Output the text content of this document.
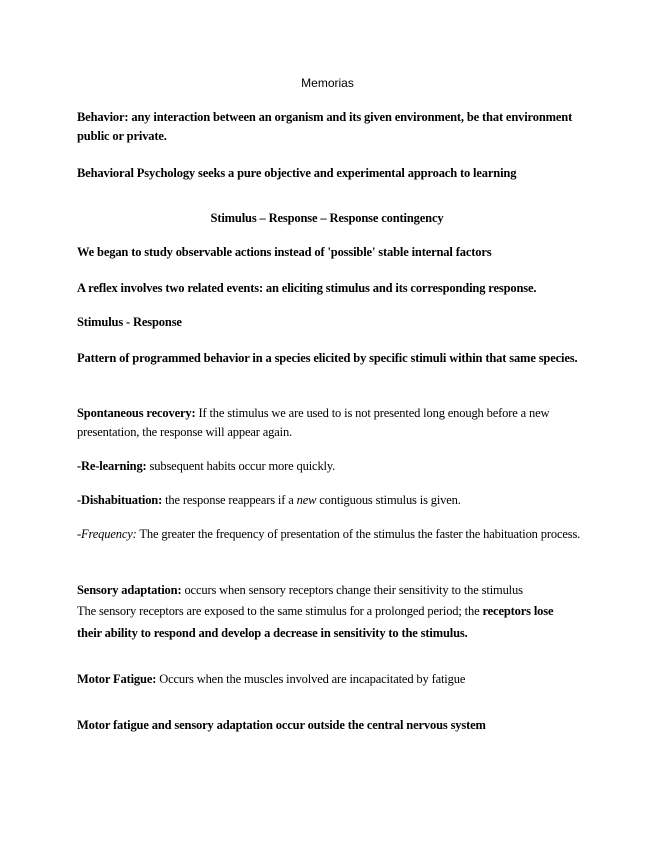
Memorias
Behavior: any interaction between an organism and its given environment, be that environment public or private.
Behavioral Psychology seeks a pure objective and experimental approach to learning
Stimulus – Response – Response contingency
We began to study observable actions instead of 'possible' stable internal factors
A reflex involves two related events: an eliciting stimulus and its corresponding response.
Stimulus - Response
Pattern of programmed behavior in a species elicited by specific stimuli within that same species.
Spontaneous recovery: If the stimulus we are used to is not presented long enough before a new presentation, the response will appear again.
-Re-learning: subsequent habits occur more quickly.
-Dishabituation: the response reappears if a new contiguous stimulus is given.
-Frequency: The greater the frequency of presentation of the stimulus the faster the habituation process.
Sensory adaptation: occurs when sensory receptors change their sensitivity to the stimulus
The sensory receptors are exposed to the same stimulus for a prolonged period; the receptors lose their ability to respond and develop a decrease in sensitivity to the stimulus.
Motor Fatigue: Occurs when the muscles involved are incapacitated by fatigue
Motor fatigue and sensory adaptation occur outside the central nervous system
